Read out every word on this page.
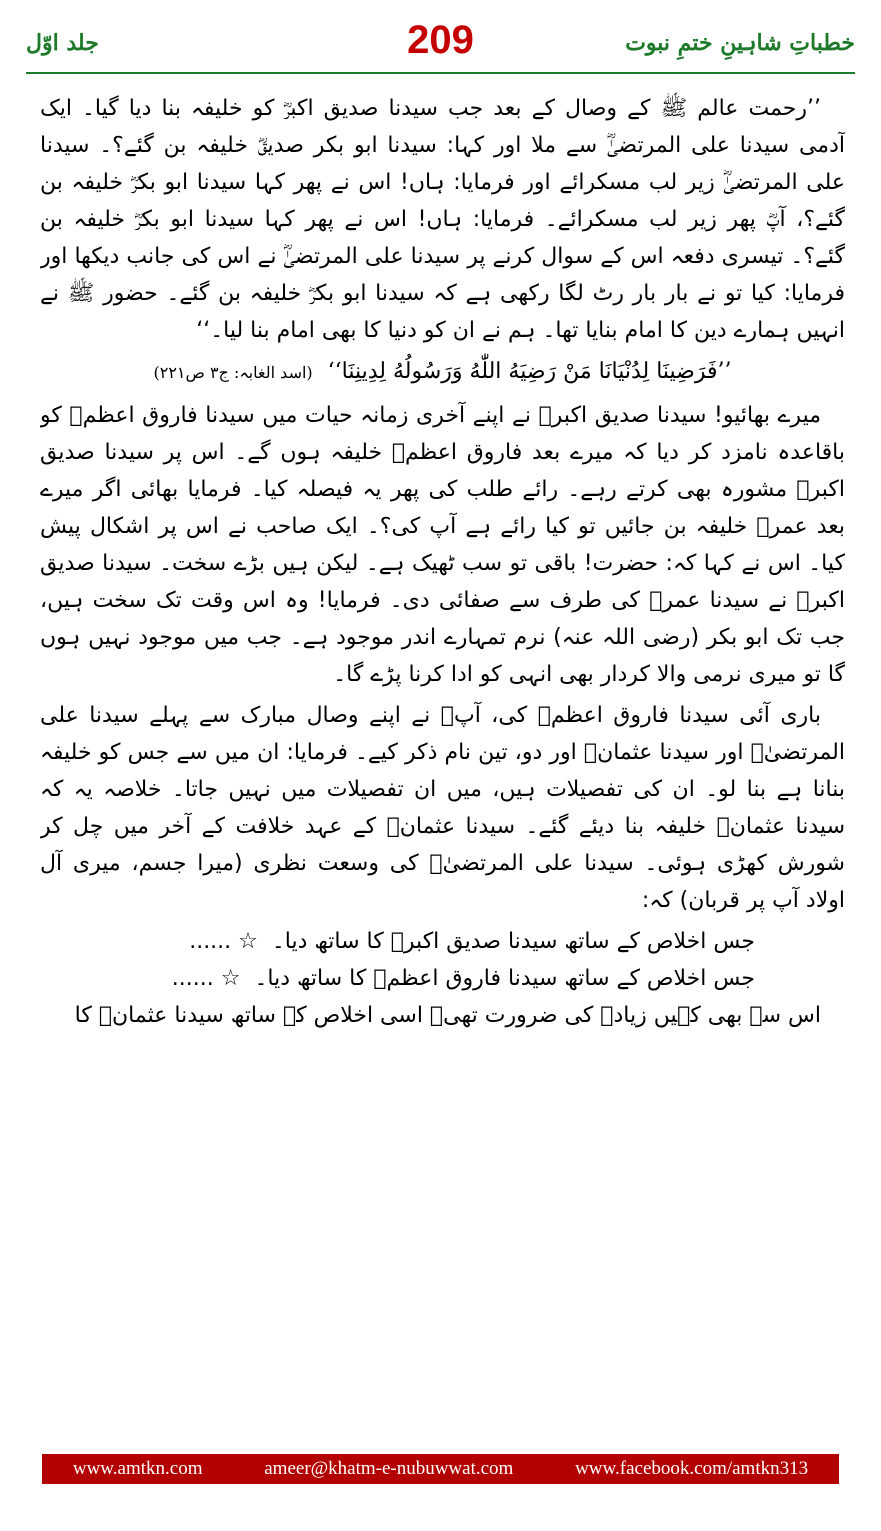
جلد اوّل	209	خطباتِ شاہینِ ختمِ نبوت

’’رحمت عالم ﷺ کے وصال کے بعد جب سیدنا صدیق اکبرؓ کو خلیفہ بنا دیا گیا۔ ایک آدمی سیدنا علی المرتضیٰؓ سے ملا اور کہا: سیدنا ابو بکر صدیقؓ خلیفہ بن گئے؟۔ سیدنا علی المرتضیٰؓ زیر لب مسکرائے اور فرمایا: ہاں! اس نے پھر کہا سیدنا ابو بکرؓ خلیفہ بن گئے؟، آپؓ پھر زیر لب مسکرائے۔ فرمایا: ہاں! اس نے پھر کہا سیدنا ابو بکرؓ خلیفہ بن گئے؟۔ تیسری دفعہ اس کے سوال کرنے پر سیدنا علی المرتضیٰؓ نے اس کی جانب دیکھا اور فرمایا: کیا تو نے بار بار رٹ لگا رکھی ہے کہ سیدنا ابو بکرؓ خلیفہ بن گئے۔ حضور ﷺ نے انہیں ہمارے دین کا امام بنایا تھا۔ ہم نے ان کو دنیا کا بھی امام بنا لیا۔‘‘

’’فَرَضِينَا لِدُنْيَانَا مَنْ رَضِيَهُ اللّٰهُ وَرَسُولُهُ لِدِينِنَا‘‘ (اسد الغابہ: ج۳ ص۲۲۱)

میرے بھائیو! سیدنا صدیق اکبرؓ نے اپنے آخری زمانہ حیات میں سیدنا فاروق اعظمؓ کو باقاعدہ نامزد کر دیا کہ میرے بعد فاروق اعظمؓ خلیفہ ہوں گے۔ اس پر سیدنا صدیق اکبرؓ مشورہ بھی کرتے رہے۔ رائے طلب کی پھر یہ فیصلہ کیا۔ فرمایا بھائی اگر میرے بعد عمرؓ خلیفہ بن جائیں تو کیا رائے ہے آپ کی؟۔ ایک صاحب نے اس پر اشکال پیش کیا۔ اس نے کہا کہ: حضرت! باقی تو سب ٹھیک ہے۔ لیکن ہیں بڑے سخت۔ سیدنا صدیق اکبرؓ نے سیدنا عمرؓ کی طرف سے صفائی دی۔ فرمایا! وہ اس وقت تک سخت ہیں، جب تک ابو بکر (رضی اللہ عنہ) نرم تمہارے اندر موجود ہے۔ جب میں موجود نہیں ہوں گا تو میری نرمی والا کردار بھی انہی کو ادا کرنا پڑے گا۔

باری آئی سیدنا فاروق اعظمؓ کی، آپؓ نے اپنے وصال مبارک سے پہلے سیدنا علی المرتضیٰؓ اور سیدنا عثمانؓ اور دو، تین نام ذکر کیے۔ فرمایا: ان میں سے جس کو خلیفہ بنانا ہے بنا لو۔ ان کی تفصیلات ہیں، میں ان تفصیلات میں نہیں جاتا۔ خلاصہ یہ کہ سیدنا عثمانؓ خلیفہ بنا دیئے گئے۔ سیدنا عثمانؓ کے عہد خلافت کے آخر میں چل کر شورش کھڑی ہوئی۔ سیدنا علی المرتضیٰؓ کی وسعت نظری (میرا جسم، میری آل اولاد آپ پر قربان) کہ:

جس اخلاص کے ساتھ سیدنا صدیق اکبرؓ کا ساتھ دیا۔
☆ ......
جس اخلاص کے ساتھ سیدنا فاروق اعظمؓ کا ساتھ دیا۔
☆ ......

اس سے بھی کہیں زیادہ کی ضرورت تھی۔ اسی اخلاص کے ساتھ سیدنا عثمانؓ کا

www.amtkn.com	ameer@khatm-e-nubuwwat.com	www.facebook.com/amtkn313
